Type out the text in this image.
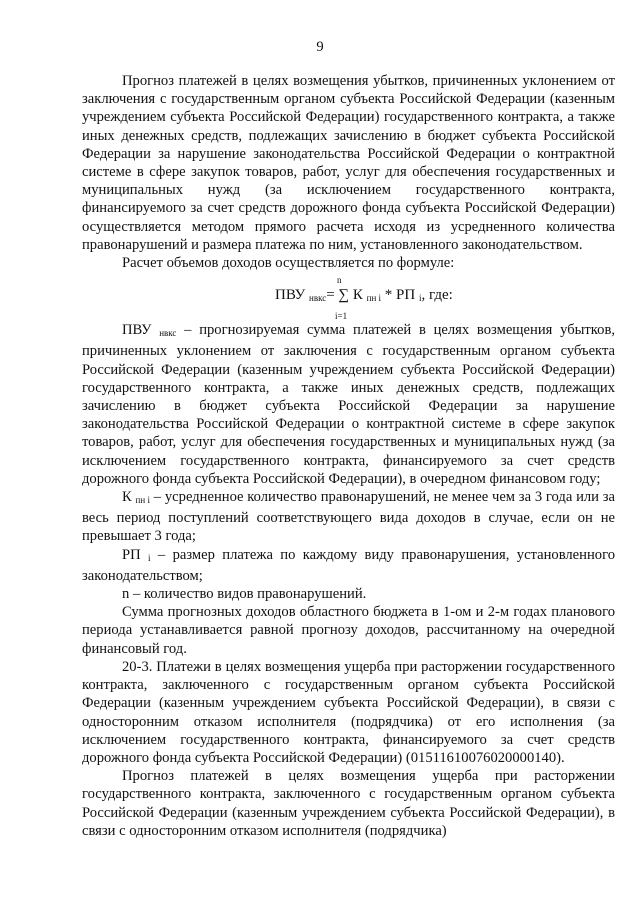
9

Прогноз платежей в целях возмещения убытков, причиненных уклонением от заключения с государственным органом субъекта Российской Федерации (казенным учреждением субъекта Российской Федерации) государственного контракта, а также иных денежных средств, подлежащих зачислению в бюджет субъекта Российской Федерации за нарушение законодательства Российской Федерации о контрактной системе в сфере закупок товаров, работ, услуг для обеспечения государственных и муниципальных нужд (за исключением государственного контракта, финансируемого за счет средств дорожного фонда субъекта Российской Федерации) осуществляется методом прямого расчета исходя из усредненного количества правонарушений и размера платежа по ним, установленного законодательством.

Расчет объемов доходов осуществляется по формуле:

n
ПВУ $_{нвкс}$= ∑ К $_{пн i}$ * РП $_i$, где:
i=1

ПВУ $_{нвкс}$ – прогнозируемая сумма платежей в целях возмещения убытков, причиненных уклонением от заключения с государственным органом субъекта Российской Федерации (казенным учреждением субъекта Российской Федерации) государственного контракта, а также иных денежных средств, подлежащих зачислению в бюджет субъекта Российской Федерации за нарушение законодательства Российской Федерации о контрактной системе в сфере закупок товаров, работ, услуг для обеспечения государственных и муниципальных нужд (за исключением государственного контракта, финансируемого за счет средств дорожного фонда субъекта Российской Федерации), в очередном финансовом году;

К $_{пн i}$ – усредненное количество правонарушений, не менее чем за 3 года или за весь период поступлений соответствующего вида доходов в случае, если он не превышает 3 года;

РП $_i$ – размер платежа по каждому виду правонарушения, установленного законодательством;

n – количество видов правонарушений.

Сумма прогнозных доходов областного бюджета в 1-ом и 2-м годах планового периода устанавливается равной прогнозу доходов, рассчитанному на очередной финансовый год.

20-3. Платежи в целях возмещения ущерба при расторжении государственного контракта, заключенного с государственным органом субъекта Российской Федерации (казенным учреждением субъекта Российской Федерации), в связи с односторонним отказом исполнителя (подрядчика) от его исполнения (за исключением государственного контракта, финансируемого за счет средств дорожного фонда субъекта Российской Федерации) (01511610076020000140).

Прогноз платежей в целях возмещения ущерба при расторжении государственного контракта, заключенного с государственным органом субъекта Российской Федерации (казенным учреждением субъекта Российской Федерации), в связи с односторонним отказом исполнителя (подрядчика)
